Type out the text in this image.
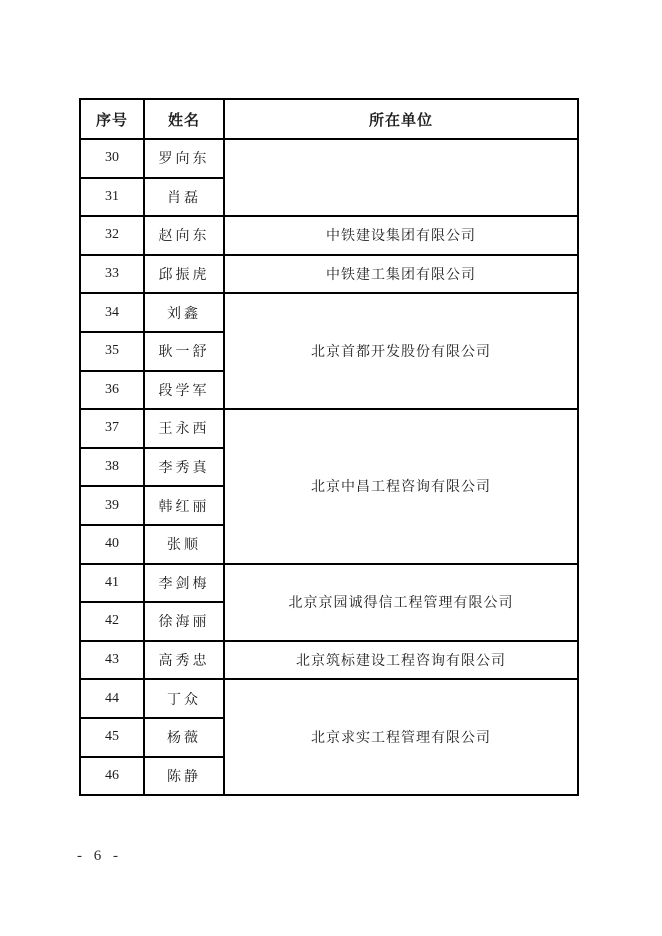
序号	姓名	所在单位
30	罗向东	
31	肖磊	
32	赵向东	中铁建设集团有限公司
33	邱振虎	中铁建工集团有限公司
34	刘鑫	北京首都开发股份有限公司
35	耿一舒	
36	段学军	
37	王永西	北京中昌工程咨询有限公司
38	李秀真	
39	韩红丽	
40	张顺	
41	李剑梅	北京京园诚得信工程管理有限公司
42	徐海丽	
43	高秀忠	北京筑标建设工程咨询有限公司
44	丁众	北京求实工程管理有限公司
45	杨薇	
46	陈静	
- 6 -
